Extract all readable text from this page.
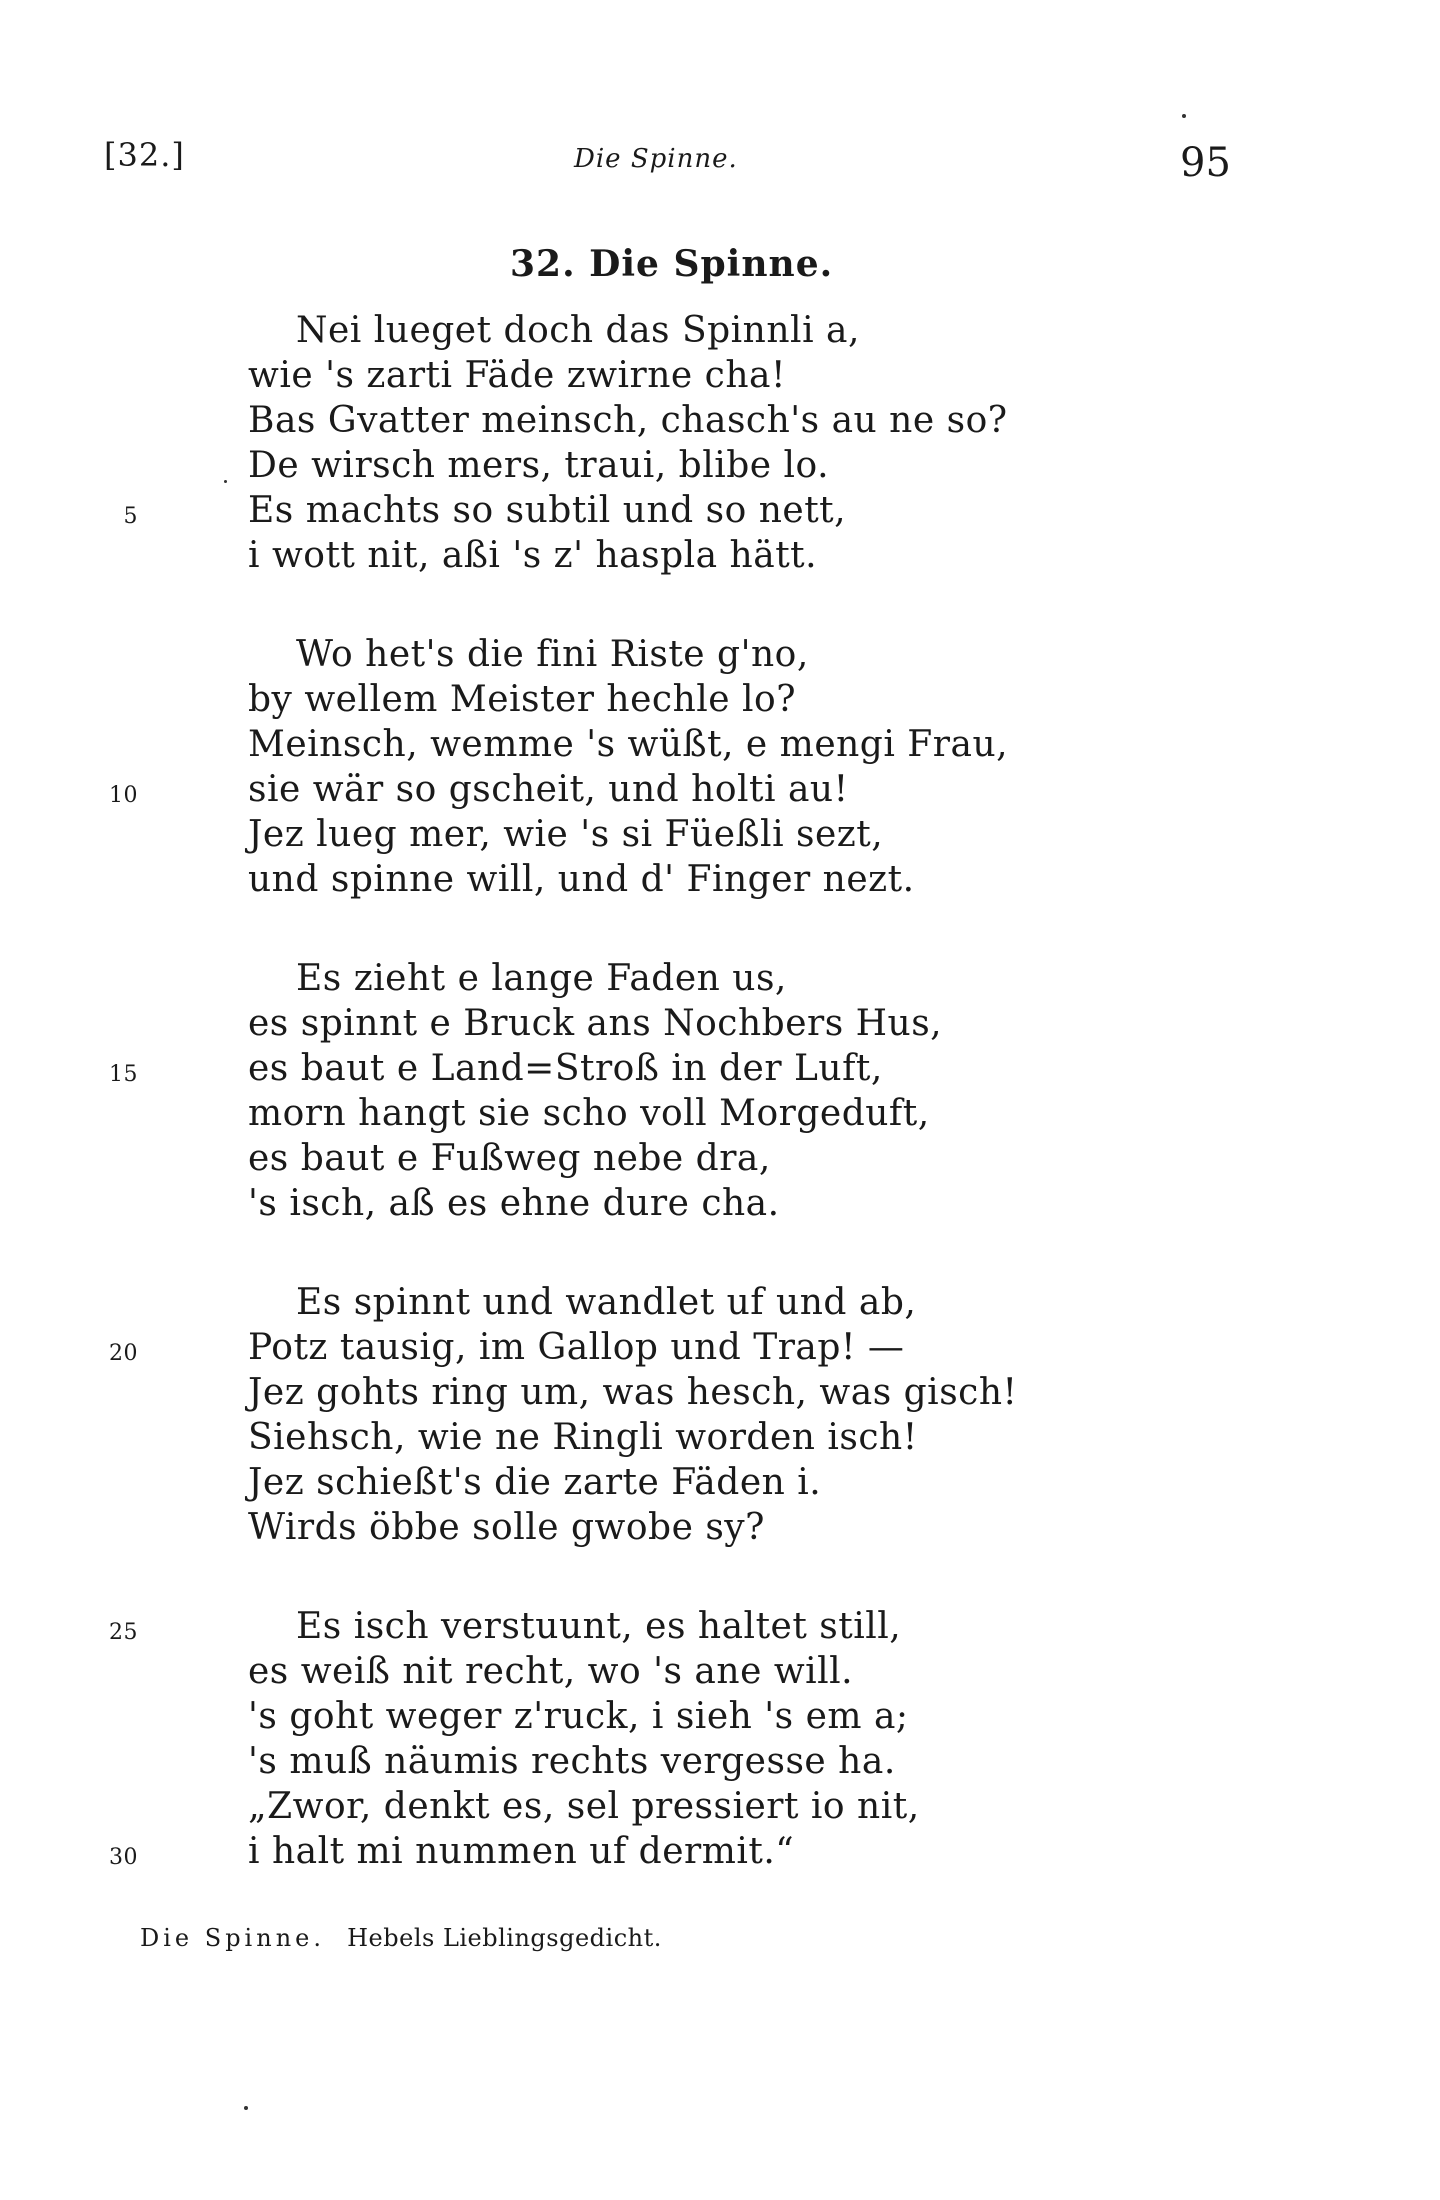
[32.]	Die Spinne.	95
32. Die Spinne.
Nei lueget doch das Spinnli a,
wie 's zarti Fäde zwirne cha!
Bas Gvatter meinsch, chasch's au ne so?
De wirsch mers, traui, blibe lo.
Es machts so subtil und so nett,
5
i wott nit, aßi 's z' haspla hätt.
Wo het's die fini Riste g'no,
by wellem Meister hechle lo?
Meinsch, wemme 's wüßt, e mengi Frau,
sie wär so gscheit, und holti au!
10
Jez lueg mer, wie 's si Füeßli sezt,
und spinne will, und d' Finger nezt.
Es zieht e lange Faden us,
es spinnt e Bruck ans Nochbers Hus,
es baut e Land=Stroß in der Luft,
15
morn hangt sie scho voll Morgeduft,
es baut e Fußweg nebe dra,
's isch, aß es ehne dure cha.
Es spinnt und wandlet uf und ab,
Potz tausig, im Gallop und Trap! —
20
Jez gohts ring um, was hesch, was gisch!
Siehsch, wie ne Ringli worden isch!
Jez schießt's die zarte Fäden i.
Wirds öbbe solle gwobe sy?
Es isch verstuunt, es haltet still,
25
es weiß nit recht, wo 's ane will.
's goht weger z'ruck, i sieh 's em a;
's muß näumis rechts vergesse ha.
„Zwor, denkt es, sel pressiert io nit,
i halt mi nummen uf dermit.“
30
Die Spinne. Hebels Lieblingsgedicht.
